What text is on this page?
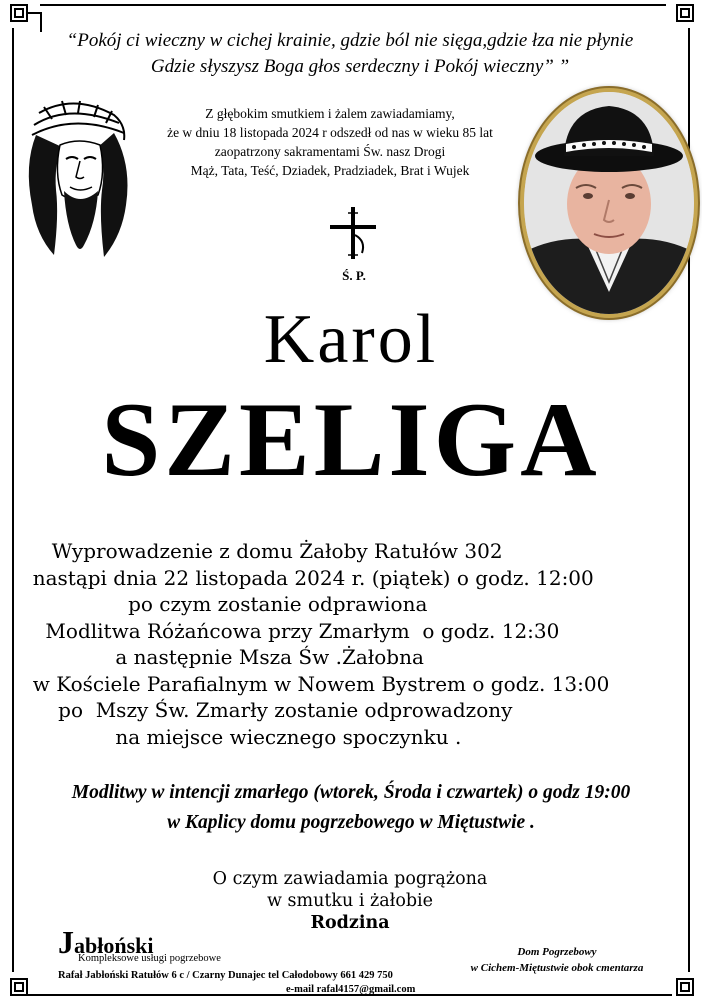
“Pokój ci wieczny w cichej krainie, gdzie ból nie sięga,gdzie łza nie płynie
Gdzie słyszysz Boga głos serdeczny i Pokój wieczny” ”
Z głębokim smutkiem i żalem zawiadamiamy,
że w dniu 18 listopada 2024 r odszedł od nas w wieku 85 lat
zaopatrzony sakramentami Św. nasz Drogi
Mąż, Tata, Teść, Dziadek, Pradziadek, Brat i Wujek
Ś. P.
Karol
SZELIGA
Wyprowadzenie z domu Żałoby Ratułów 302
nastąpi dnia 22 listopada 2024 r. (piątek) o godz. 12:00
po czym zostanie odprawiona
Modlitwa Różańcowa przy Zmarłym  o godz. 12:30
a następnie Msza Św .Żałobna
w Kościele Parafialnym w Nowem Bystrem o godz. 13:00
po  Mszy Św. Zmarły zostanie odprowadzony
na miejsce wiecznego spoczynku .
Modlitwy w intencji zmarłego (wtorek, Środa i czwartek) o godz 19:00
w Kaplicy domu pogrzebowego w Miętustwie .
O czym zawiadamia pogrążona
w smutku i żałobie
Rodzina
Jabłoński
Kompleksowe usługi pogrzebowe
Rafał Jabłoński Ratułów 6 c / Czarny Dunajec tel Całodobowy 661 429 750
e-mail rafal4157@gmail.com
Dom Pogrzebowy
w Cichem-Miętustwie obok cmentarza
